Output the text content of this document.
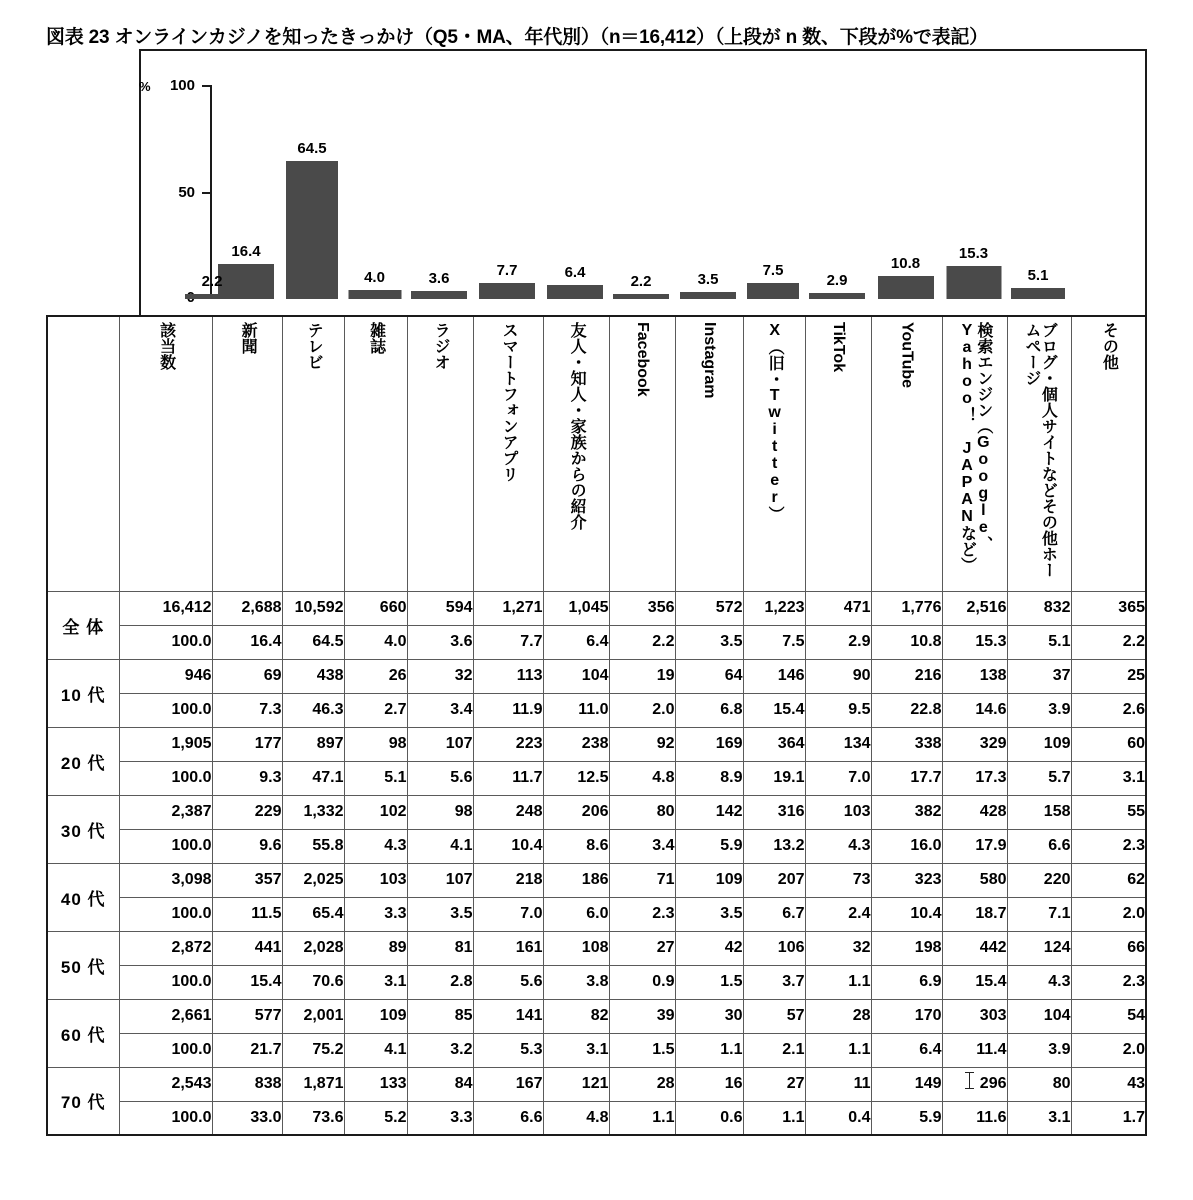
図表 23 オンラインカジノを知ったきっかけ（Q5・MA、年代別）（n＝16,412）（上段が n 数、下段が%で表記）
%	100
50
16.4
64.5
4.0	3.6	7.7	6.4
2.2	3.5
7.5
2.9
10.8
15.3
5.1
2.2
	該当数	新聞	テレビ	雑誌	ラジオ	スマートフォンアプリ	友人・知人・家族からの紹介	Facebook	Instagram	X（旧・Twitter）	TikTok	YouTube	検索エンジン（Google、Yahoo！ JAPANなど）	ブログ・個人サイトなどその他ホームページ	その他
全 体	16,412	2,688	10,592	660	594	1,271	1,045	356	572	1,223	471	1,776	2,516	832	365
	100.0	16.4	64.5	4.0	3.6	7.7	6.4	2.2	3.5	7.5	2.9	10.8	15.3	5.1	2.2
10 代	946	69	438	26	32	113	104	19	64	146	90	216	138	37	25
	100.0	7.3	46.3	2.7	3.4	11.9	11.0	2.0	6.8	15.4	9.5	22.8	14.6	3.9	2.6
20 代	1,905	177	897	98	107	223	238	92	169	364	134	338	329	109	60
	100.0	9.3	47.1	5.1	5.6	11.7	12.5	4.8	8.9	19.1	7.0	17.7	17.3	5.7	3.1
30 代	2,387	229	1,332	102	98	248	206	80	142	316	103	382	428	158	55
	100.0	9.6	55.8	4.3	4.1	10.4	8.6	3.4	5.9	13.2	4.3	16.0	17.9	6.6	2.3
40 代	3,098	357	2,025	103	107	218	186	71	109	207	73	323	580	220	62
	100.0	11.5	65.4	3.3	3.5	7.0	6.0	2.3	3.5	6.7	2.4	10.4	18.7	7.1	2.0
50 代	2,872	441	2,028	89	81	161	108	27	42	106	32	198	442	124	66
	100.0	15.4	70.6	3.1	2.8	5.6	3.8	0.9	1.5	3.7	1.1	6.9	15.4	4.3	2.3
60 代	2,661	577	2,001	109	85	141	82	39	30	57	28	170	303	104	54
	100.0	21.7	75.2	4.1	3.2	5.3	3.1	1.5	1.1	2.1	1.1	6.4	11.4	3.9	2.0
70 代	2,543	838	1,871	133	84	167	121	28	16	27	11	149	296	80	43
	100.0	33.0	73.6	5.2	3.3	6.6	4.8	1.1	0.6	1.1	0.4	5.9	11.6	3.1	1.7
